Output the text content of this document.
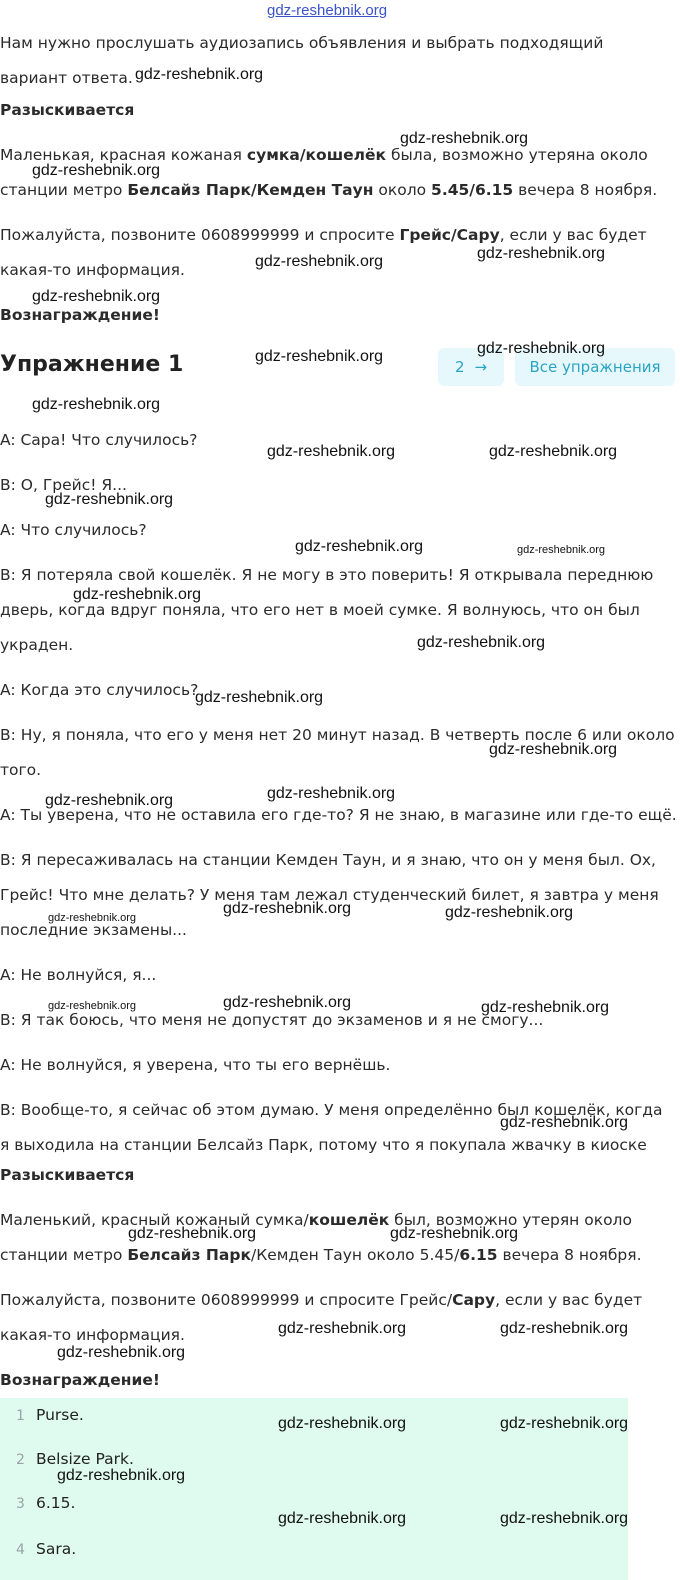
gdz-reshebnik.org

Нам нужно прослушать аудиозапись объявления и выбрать подходящий

вариант ответа.

Разыскивается

Маленькая, красная кожаная сумка/кошелёк была, возможно утеряна около

станции метро Белсайз Парк/Кемден Таун около 5.45/6.15 вечера 8 ноября.

Пожалуйста, позвоните 0608999999 и спросите Грейс/Сару, если у вас будет

какая-то информация.

Вознаграждение!

Упражнение 1	2 →	Все упражнения

A: Сара! Что случилось?

B: О, Грейс! Я...

A: Что случилось?

B: Я потеряла свой кошелёк. Я не могу в это поверить! Я открывала переднюю

дверь, когда вдруг поняла, что его нет в моей сумке. Я волнуюсь, что он был

украден.

A: Когда это случилось?

B: Ну, я поняла, что его у меня нет 20 минут назад. В четверть после 6 или около

того.

A: Ты уверена, что не оставила его где-то? Я не знаю, в магазине или где-то ещё.

B: Я пересаживалась на станции Кемден Таун, и я знаю, что он у меня был. Ох,

Грейс! Что мне делать? У меня там лежал студенческий билет, я завтра у меня

последние экзамены...

A: Не волнуйся, я...

B: Я так боюсь, что меня не допустят до экзаменов и я не смогу...

A: Не волнуйся, я уверена, что ты его вернёшь.

B: Вообще-то, я сейчас об этом думаю. У меня определённо был кошелёк, когда

я выходила на станции Белсайз Парк, потому что я покупала жвачку в киоске

Разыскивается

Маленький, красный кожаный сумка/кошелёк был, возможно утерян около

станции метро Белсайз Парк/Кемден Таун около 5.45/6.15 вечера 8 ноября.

Пожалуйста, позвоните 0608999999 и спросите Грейс/Сару, если у вас будет

какая-то информация.

Вознаграждение!

1 Purse.
2 Belsize Park.
3 6.15.
4 Sara.
gdz-reshebnik.org
gdz-reshebnik.org
gdz-reshebnik.org
gdz-reshebnik.org	gdz-reshebnik.org
gdz-reshebnik.org
gdz-reshebnik.org	gdz-reshebnik.org
gdz-reshebnik.org
gdz-reshebnik.org	gdz-reshebnik.org
gdz-reshebnik.org
gdz-reshebnik.org	gdz-reshebnik.org
gdz-reshebnik.org
gdz-reshebnik.org
gdz-reshebnik.org
gdz-reshebnik.org
gdz-reshebnik.org
gdz-reshebnik.org
gdz-reshebnik.org	gdz-reshebnik.org
gdz-reshebnik.org
gdz-reshebnik.org	gdz-reshebnik.org
gdz-reshebnik.org
gdz-reshebnik.org
gdz-reshebnik.org	gdz-reshebnik.org
gdz-reshebnik.org	gdz-reshebnik.org
gdz-reshebnik.org
gdz-reshebnik.org	gdz-reshebnik.org
gdz-reshebnik.org
gdz-reshebnik.org	gdz-reshebnik.org
